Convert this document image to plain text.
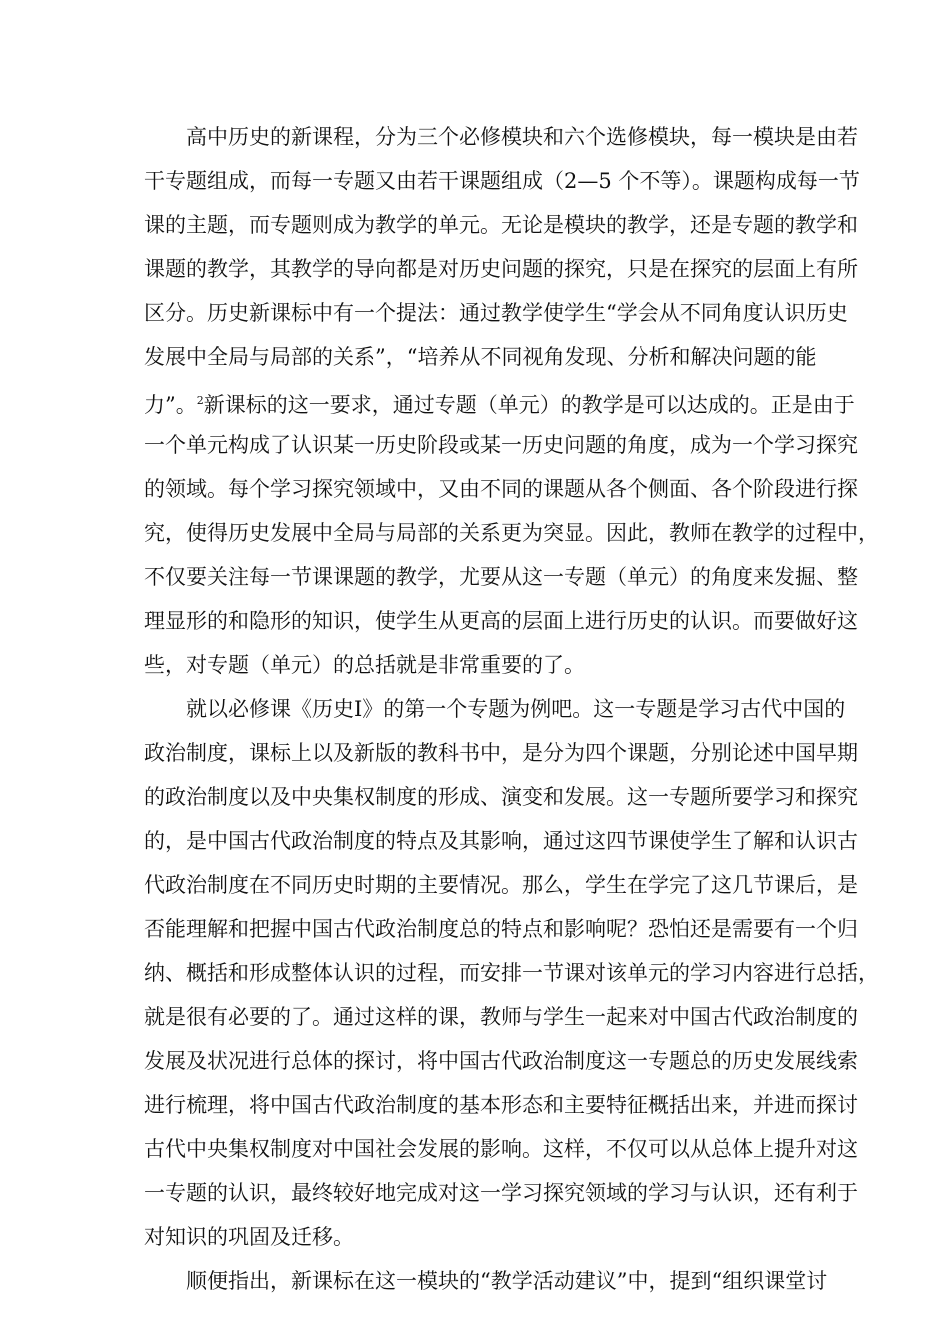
高中历史的新课程，分为三个必修模块和六个选修模块，每一模块是由若
干专题组成，而每一专题又由若干课题组成（2—5 个不等）。课题构成每一节
课的主题，而专题则成为教学的单元。无论是模块的教学，还是专题的教学和
课题的教学，其教学的导向都是对历史问题的探究，只是在探究的层面上有所
区分。历史新课标中有一个提法：通过教学使学生“学会从不同角度认识历史
发展中全局与局部的关系”，“培养从不同视角发现、分析和解决问题的能
力”。$^2$新课标的这一要求，通过专题（单元）的教学是可以达成的。正是由于
一个单元构成了认识某一历史阶段或某一历史问题的角度，成为一个学习探究
的领域。每个学习探究领域中，又由不同的课题从各个侧面、各个阶段进行探
究，使得历史发展中全局与局部的关系更为突显。因此，教师在教学的过程中，
不仅要关注每一节课课题的教学，尤要从这一专题（单元）的角度来发掘、整
理显形的和隐形的知识，使学生从更高的层面上进行历史的认识。而要做好这
些，对专题（单元）的总括就是非常重要的了。
就以必修课《历史Ⅰ》的第一个专题为例吧。这一专题是学习古代中国的
政治制度，课标上以及新版的教科书中，是分为四个课题，分别论述中国早期
的政治制度以及中央集权制度的形成、演变和发展。这一专题所要学习和探究
的，是中国古代政治制度的特点及其影响，通过这四节课使学生了解和认识古
代政治制度在不同历史时期的主要情况。那么，学生在学完了这几节课后，是
否能理解和把握中国古代政治制度总的特点和影响呢？恐怕还是需要有一个归
纳、概括和形成整体认识的过程，而安排一节课对该单元的学习内容进行总括，
就是很有必要的了。通过这样的课，教师与学生一起来对中国古代政治制度的
发展及状况进行总体的探讨，将中国古代政治制度这一专题总的历史发展线索
进行梳理，将中国古代政治制度的基本形态和主要特征概括出来，并进而探讨
古代中央集权制度对中国社会发展的影响。这样，不仅可以从总体上提升对这
一专题的认识，最终较好地完成对这一学习探究领域的学习与认识，还有利于
对知识的巩固及迁移。
顺便指出，新课标在这一模块的“教学活动建议”中，提到“组织课堂讨
